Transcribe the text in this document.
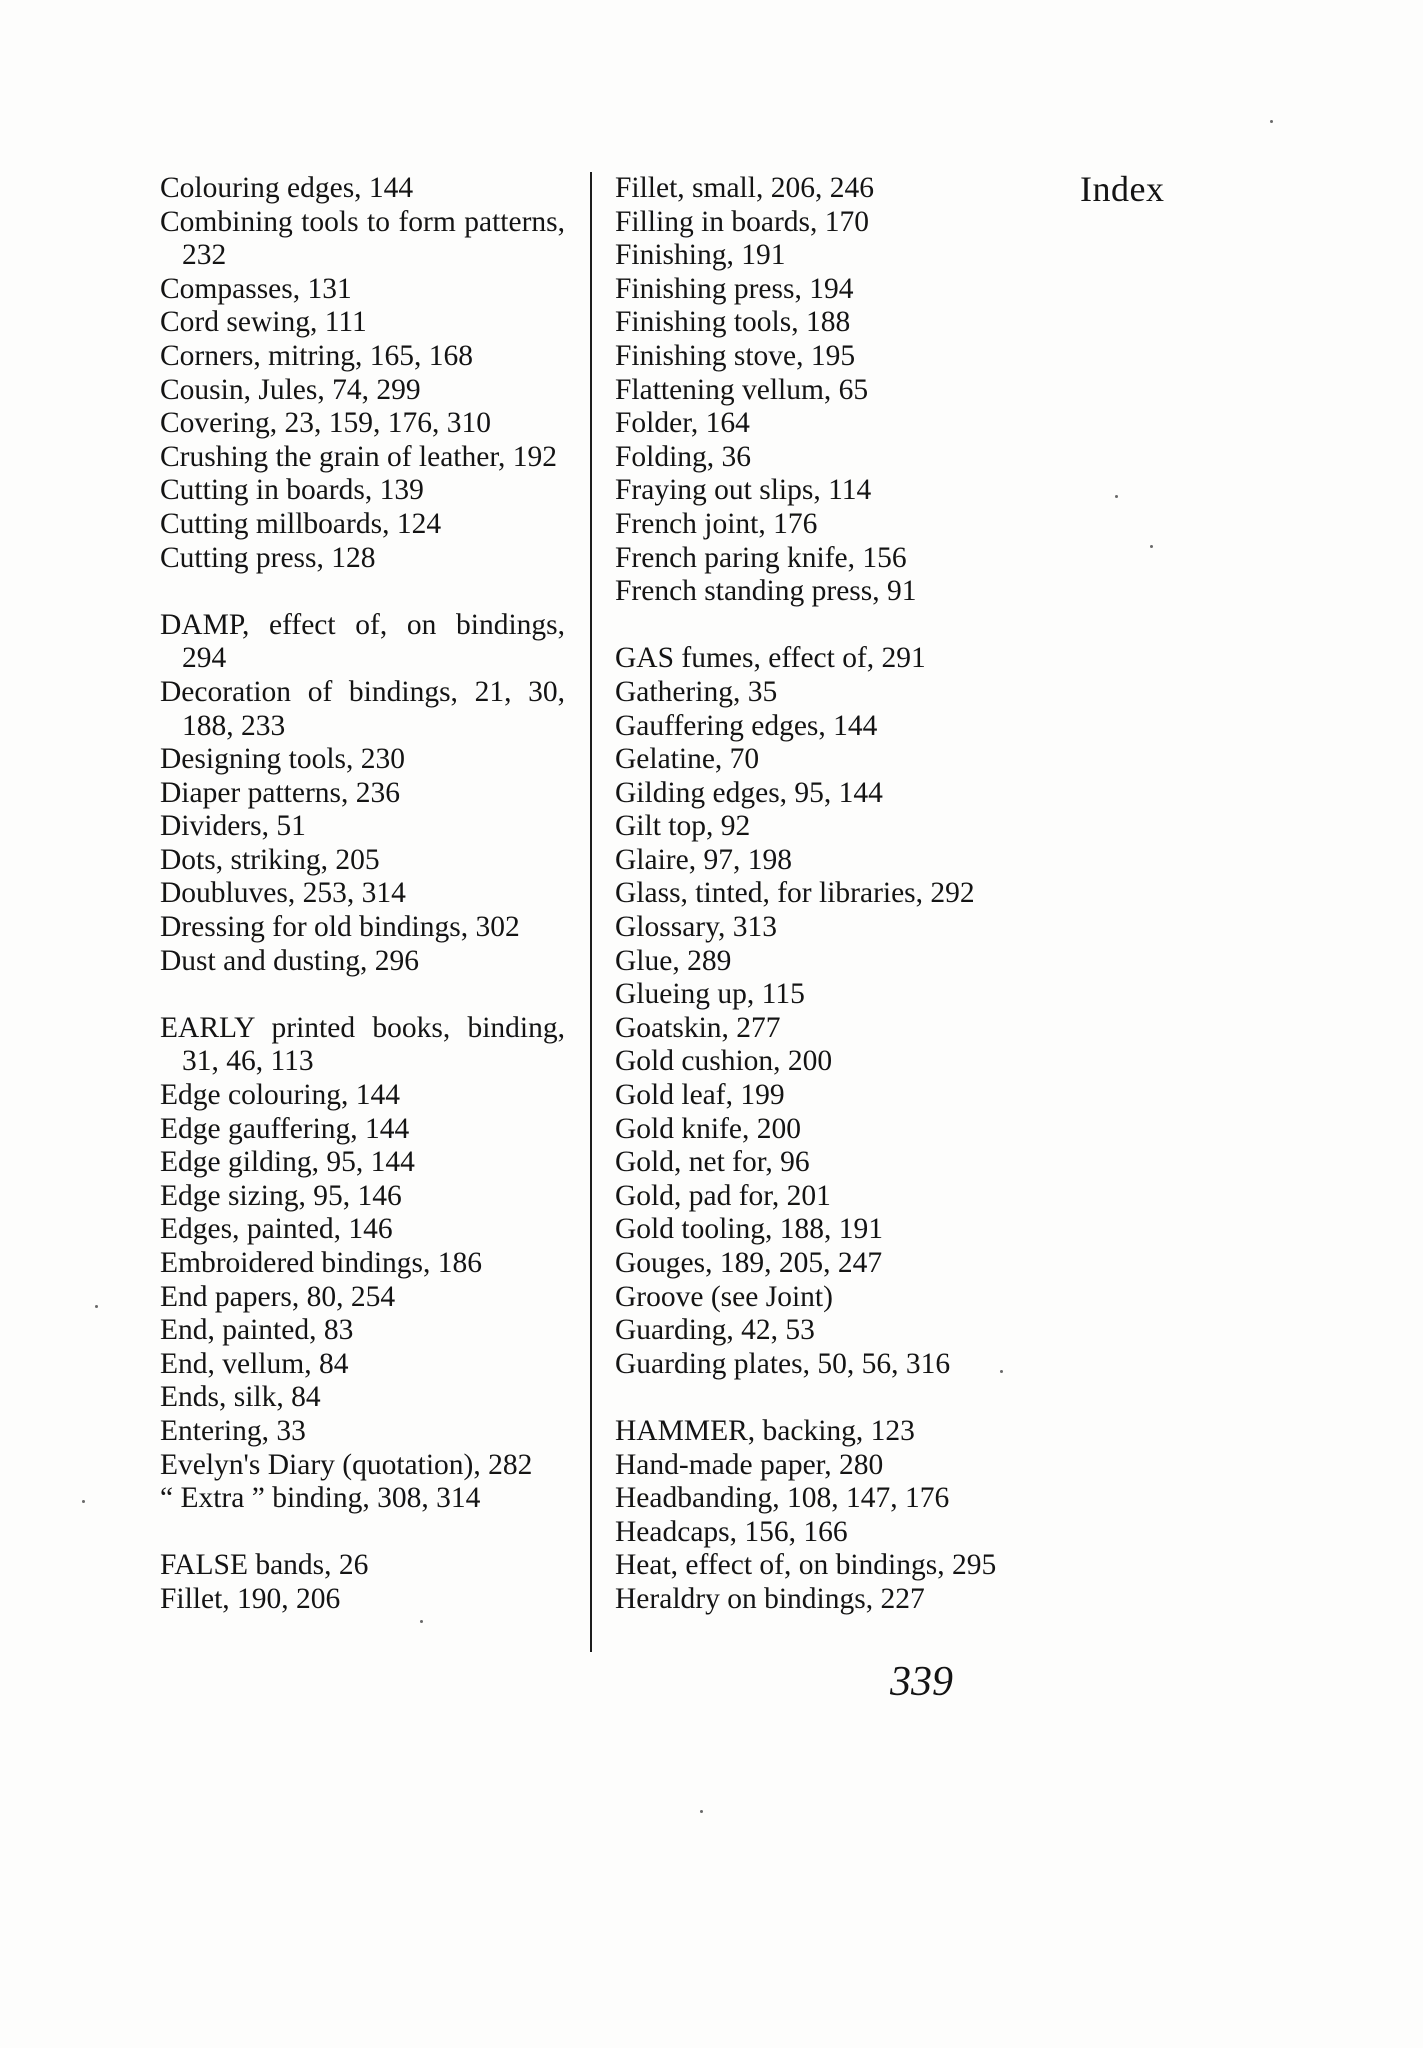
Index
Colouring edges, 144
Combining tools to form patterns, 232
Compasses, 131
Cord sewing, 111
Corners, mitring, 165, 168
Cousin, Jules, 74, 299
Covering, 23, 159, 176, 310
Crushing the grain of leather, 192
Cutting in boards, 139
Cutting millboards, 124
Cutting press, 128
DAMP, effect of, on bindings, 294
Decoration of bindings, 21, 30, 188, 233
Designing tools, 230
Diaper patterns, 236
Dividers, 51
Dots, striking, 205
Doubluves, 253, 314
Dressing for old bindings, 302
Dust and dusting, 296
EARLY printed books, binding, 31, 46, 113
Edge colouring, 144
Edge gauffering, 144
Edge gilding, 95, 144
Edge sizing, 95, 146
Edges, painted, 146
Embroidered bindings, 186
End papers, 80, 254
End, painted, 83
End, vellum, 84
Ends, silk, 84
Entering, 33
Evelyn's Diary (quotation), 282
“ Extra ” binding, 308, 314
FALSE bands, 26
Fillet, 190, 206
Fillet, small, 206, 246
Filling in boards, 170
Finishing, 191
Finishing press, 194
Finishing tools, 188
Finishing stove, 195
Flattening vellum, 65
Folder, 164
Folding, 36
Fraying out slips, 114
French joint, 176
French paring knife, 156
French standing press, 91
GAS fumes, effect of, 291
Gathering, 35
Gauffering edges, 144
Gelatine, 70
Gilding edges, 95, 144
Gilt top, 92
Glaire, 97, 198
Glass, tinted, for libraries, 292
Glossary, 313
Glue, 289
Glueing up, 115
Goatskin, 277
Gold cushion, 200
Gold leaf, 199
Gold knife, 200
Gold, net for, 96
Gold, pad for, 201
Gold tooling, 188, 191
Gouges, 189, 205, 247
Groove (see Joint)
Guarding, 42, 53
Guarding plates, 50, 56, 316
HAMMER, backing, 123
Hand-made paper, 280
Headbanding, 108, 147, 176
Headcaps, 156, 166
Heat, effect of, on bindings, 295
Heraldry on bindings, 227
339
